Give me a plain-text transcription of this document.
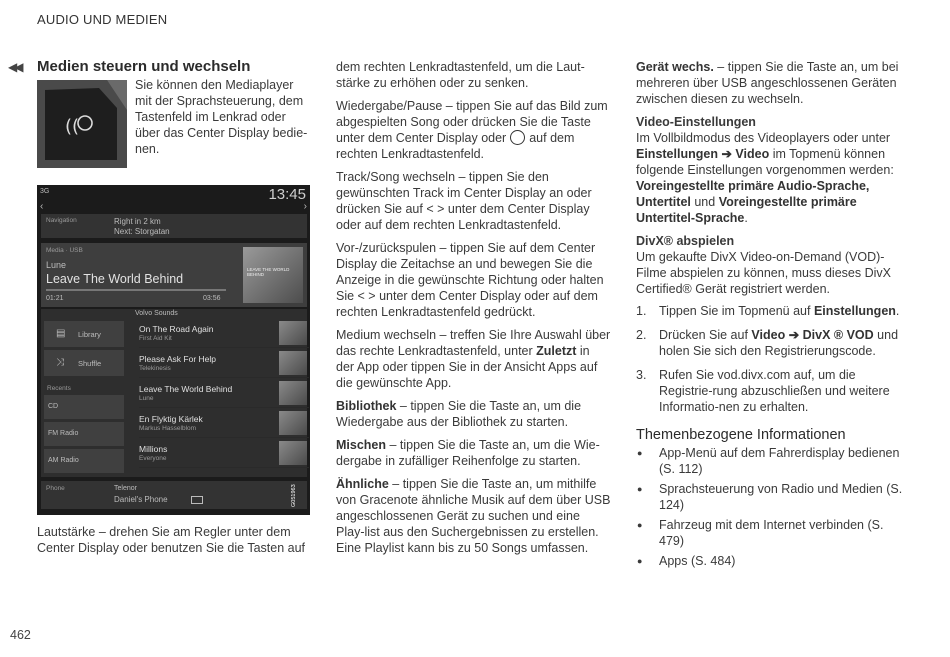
AUDIO UND MEDIEN
◀◀ Medien steuern und wechseln
((
Sie können den Mediaplayer mit der Sprachsteuerung, dem Tastenfeld im Lenkrad oder über das Center Display bedie-nen.
3G	13:45
‹	›
Navigation	Right in 2 km
Next: Storgatan
Media · USB
Lune
Leave The World Behind
01:21	03:56
LEAVE THE WORLD BEHIND
Volvo Sounds
▤ Library
⤨ Shuffle
Recents
CD
FM Radio
AM Radio
On The Road Again
First Aid Kit
Please Ask For Help
Telekinesis
Leave The World Behind
Lune
En Flyktig Kärlek
Markus Hasselblom
Millions
Everyone
Phone	Telenor
Daniel's Phone	G051963
Lautstärke – drehen Sie am Regler unter dem Center Display oder benutzen Sie die Tasten auf

dem rechten Lenkradtastenfeld, um die Laut-stärke zu erhöhen oder zu senken.

Wiedergabe/Pause – tippen Sie auf das Bild zum abgespielten Song oder drücken Sie die Taste unter dem Center Display oder auf dem rechten Lenkradtastenfeld.

Track/Song wechseln – tippen Sie den gewünschten Track im Center Display an oder drücken Sie auf < > unter dem Center Display oder auf dem rechten Lenkradtastenfeld.

Vor-/zurückspulen – tippen Sie auf dem Center Display die Zeitachse an und bewegen Sie die Anzeige in die gewünschte Richtung oder halten Sie < > unter dem Center Display oder auf dem rechten Lenkradtastenfeld gedrückt.

Medium wechseln – treffen Sie Ihre Auswahl über das rechte Lenkradtastenfeld, unter Zuletzt in der App oder tippen Sie in der Ansicht Apps auf die gewünschte App.

Bibliothek – tippen Sie die Taste an, um die Wiedergabe aus der Bibliothek zu starten.

Mischen – tippen Sie die Taste an, um die Wie-dergabe in zufälliger Reihenfolge zu starten.

Ähnliche – tippen Sie die Taste an, um mithilfe von Gracenote ähnliche Musik auf dem über USB angeschlossenen Gerät zu suchen und eine Play-list aus den Suchergebnissen zu erstellen. Eine Playlist kann bis zu 50 Songs umfassen.

Gerät wechs. – tippen Sie die Taste an, um bei mehreren über USB angeschlossenen Geräten zwischen diesen zu wechseln.

Video-Einstellungen

Im Vollbildmodus des Videoplayers oder unter
Einstellungen ➔ Video im Topmenü können folgende Einstellungen vorgenommen werden: Voreingestellte primäre Audio-Sprache, Untertitel und Voreingestellte primäre Untertitel-Sprache.

DivX® abspielen

Um gekaufte DivX Video-on-Demand (VOD)-Filme abspielen zu können, muss dieses DivX Certified® Gerät registriert werden.

1. Tippen Sie im Topmenü auf Einstellungen.
2. Drücken Sie auf Video ➔ DivX ® VOD und holen Sie sich den Registrierungscode.
3. Rufen Sie vod.divx.com auf, um die Registrie-rung abzuschließen und weitere Informatio-nen zu erhalten.
Themenbezogene Informationen
● App-Menü auf dem Fahrerdisplay bedienen (S. 112)
● Sprachsteuerung von Radio und Medien (S. 124)
● Fahrzeug mit dem Internet verbinden (S. 479)
● Apps (S. 484)
462
